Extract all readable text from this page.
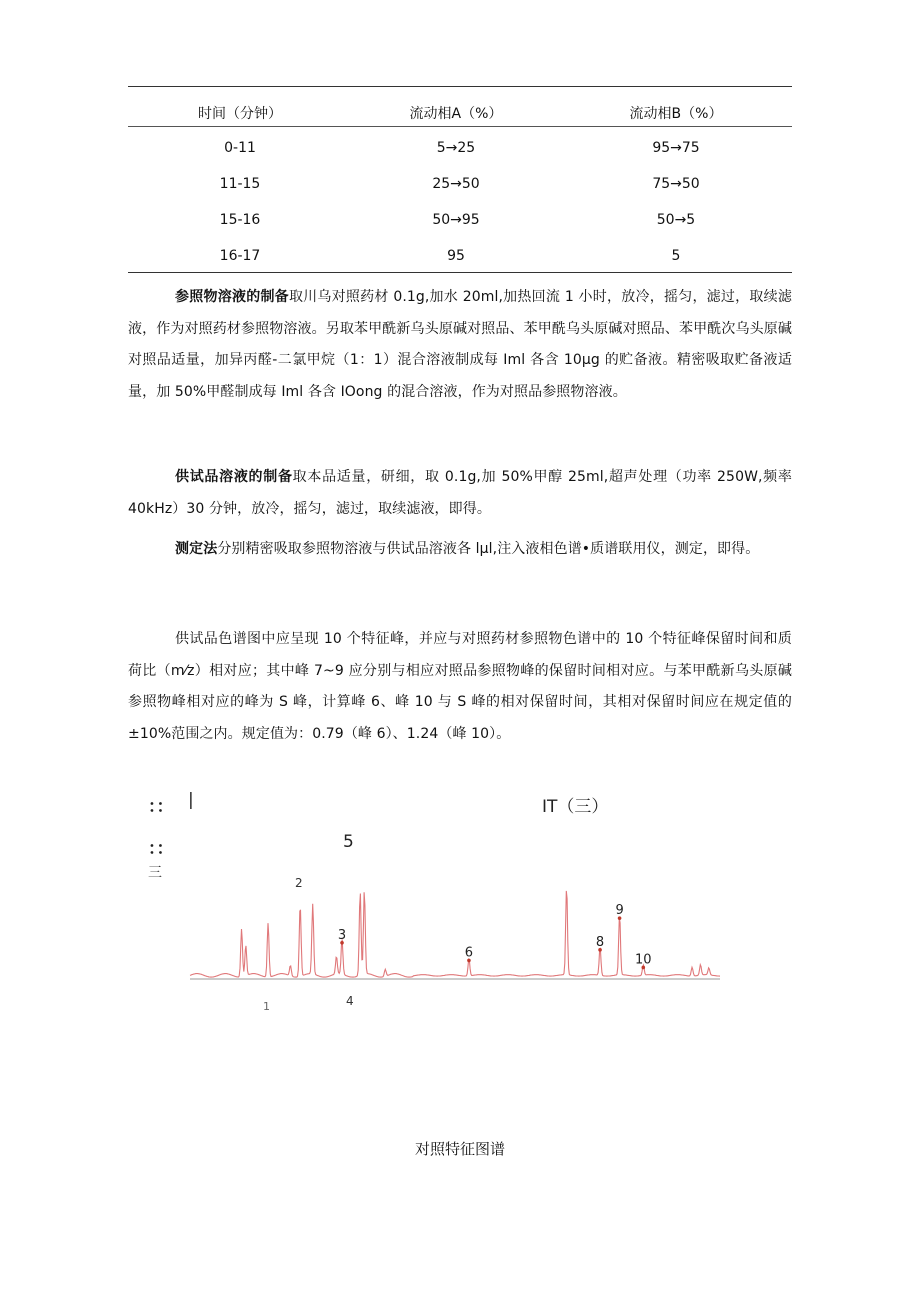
时间（分钟）	流动相A（%）	流动相B（%）
0-11	5→25	95→75
11-15	25→50	75→50
15-16	50→95	50→5
16-17	95	5
参照物溶液的制备取川乌对照药材 0.1g,加水 20ml,加热回流 1 小时，放冷，摇匀，滤过，取续滤液，作为对照药材参照物溶液。另取苯甲酰新乌头原碱对照品、苯甲酰乌头原碱对照品、苯甲酰次乌头原碱对照品适量，加异丙醛-二氯甲烷（1：1）混合溶液制成每 Iml 各含 10μg 的贮备液。精密吸取贮备液适量，加 50%甲醛制成每 Iml 各含 IOong 的混合溶液，作为对照品参照物溶液。
供试品溶液的制备取本品适量，研细，取 0.1g,加 50%甲醇 25ml,超声处理（功率 250W,频率 40kHz）30 分钟，放冷，摇匀，滤过，取续滤液，即得。
测定法分别精密吸取参照物溶液与供试品溶液各 lμl,注入液相色谱•质谱联用仪，测定，即得。
供试品色谱图中应呈现 10 个特征峰，并应与对照药材参照物色谱中的 10 个特征峰保留时间和质荷比（m⁄z）相对应；其中峰 7~9 应分别与相应对照品参照物峰的保留时间相对应。与苯甲酰新乌头原碱参照物峰相对应的峰为 S 峰，计算峰 6、峰 10 与 S 峰的相对保留时间，其相对保留时间应在规定值的±10%范围之内。规定值为：0.79（峰 6）、1.24（峰 10）。
：： |	IT（三）
：：	5
三
2
1	4
3
6
8
9
10
对照特征图谱
